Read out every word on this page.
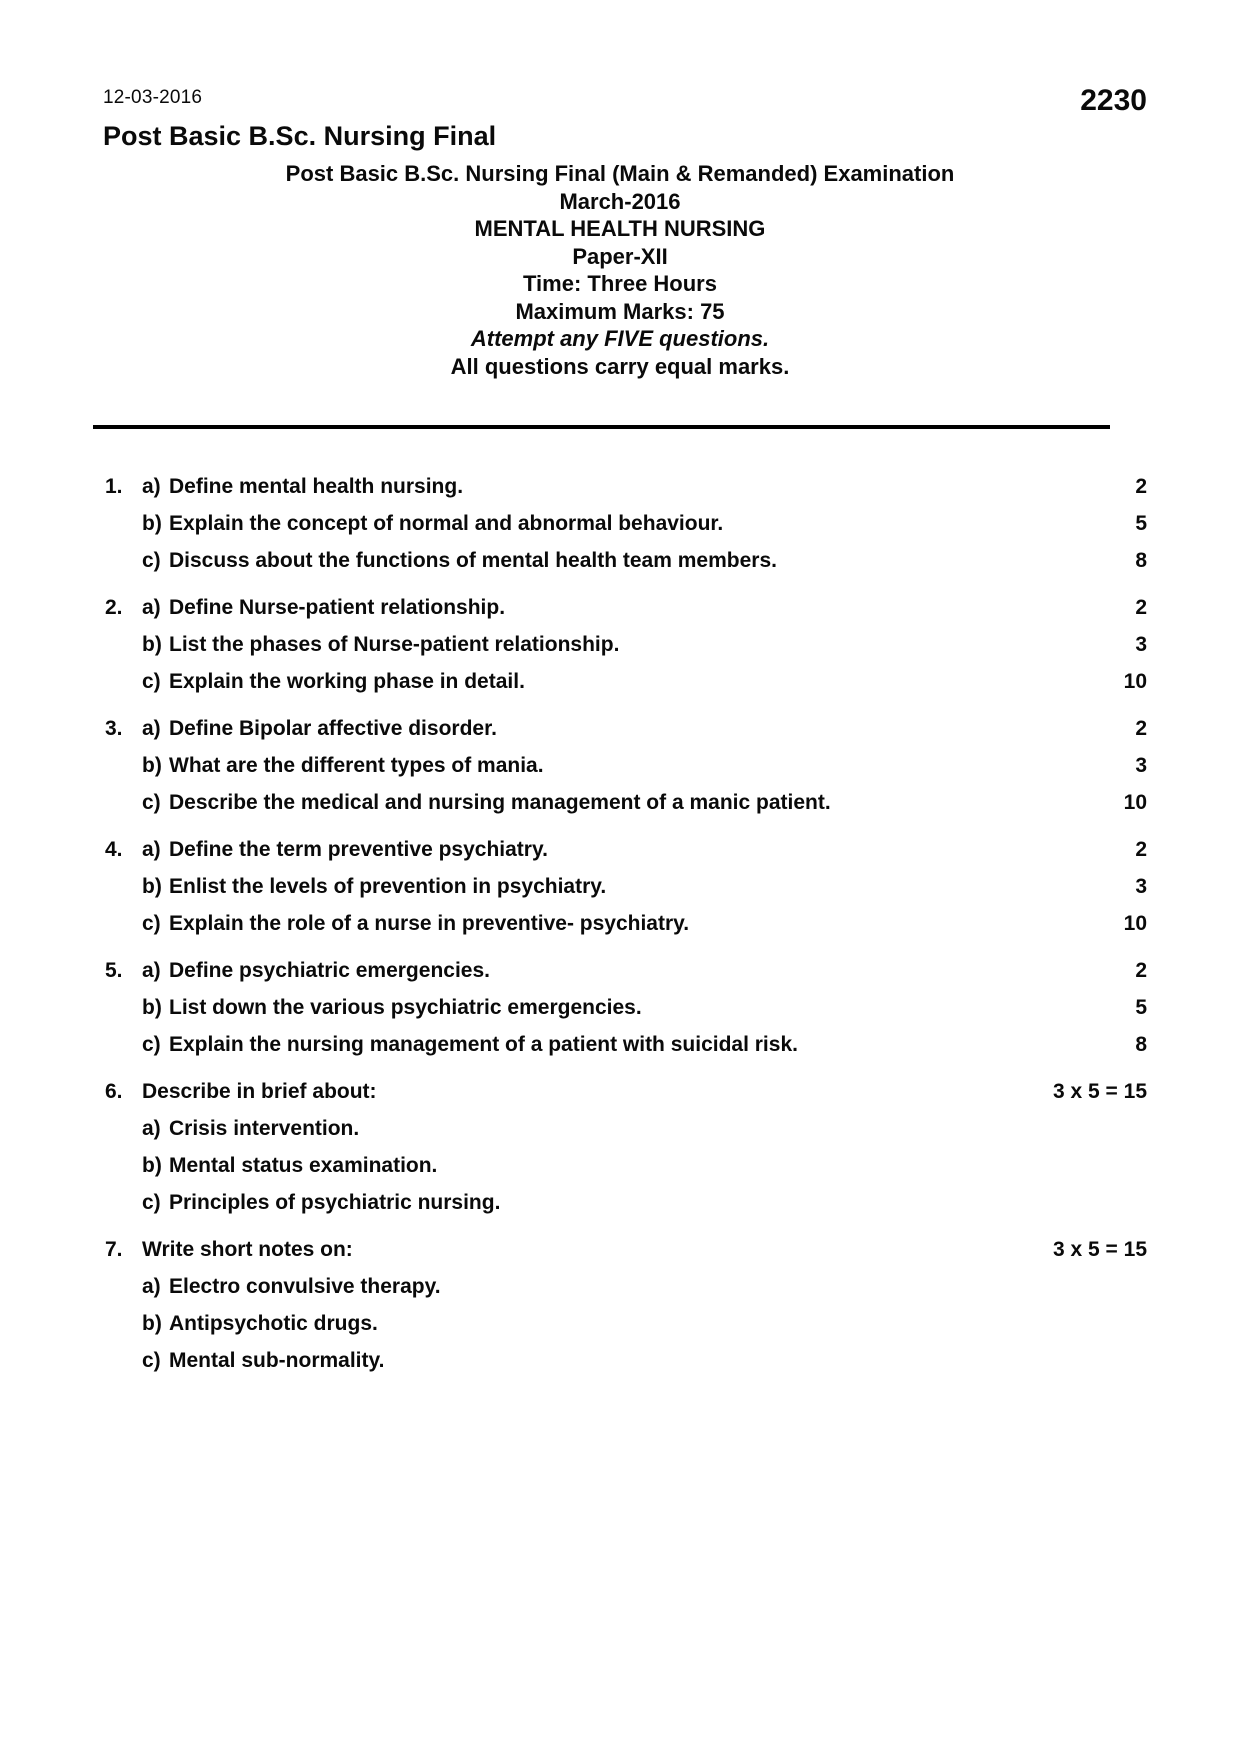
12-03-2016	2230
Post Basic B.Sc. Nursing Final
Post Basic B.Sc. Nursing Final (Main & Remanded) Examination
March-2016
MENTAL HEALTH NURSING
Paper-XII
Time: Three Hours
Maximum Marks: 75
Attempt any FIVE questions.
All questions carry equal marks.
1. a) Define mental health nursing.	2
b) Explain the concept of normal and abnormal behaviour.	5
c) Discuss about the functions of mental health team members.	8
2. a) Define Nurse-patient relationship.	2
b) List the phases of Nurse-patient relationship.	3
c) Explain the working phase in detail.	10
3. a) Define Bipolar affective disorder.	2
b) What are the different types of mania.	3
c) Describe the medical and nursing management of a manic patient.	10
4. a) Define the term preventive psychiatry.	2
b) Enlist the levels of prevention in psychiatry.	3
c) Explain the role of a nurse in preventive- psychiatry.	10
5. a) Define psychiatric emergencies.	2
b) List down the various psychiatric emergencies.	5
c) Explain the nursing management of a patient with suicidal risk.	8
6. Describe in brief about:	3 x 5 = 15
a) Crisis intervention.
b) Mental status examination.
c) Principles of psychiatric nursing.
7. Write short notes on:	3 x 5 = 15
a) Electro convulsive therapy.
b) Antipsychotic drugs.
c) Mental sub-normality.
